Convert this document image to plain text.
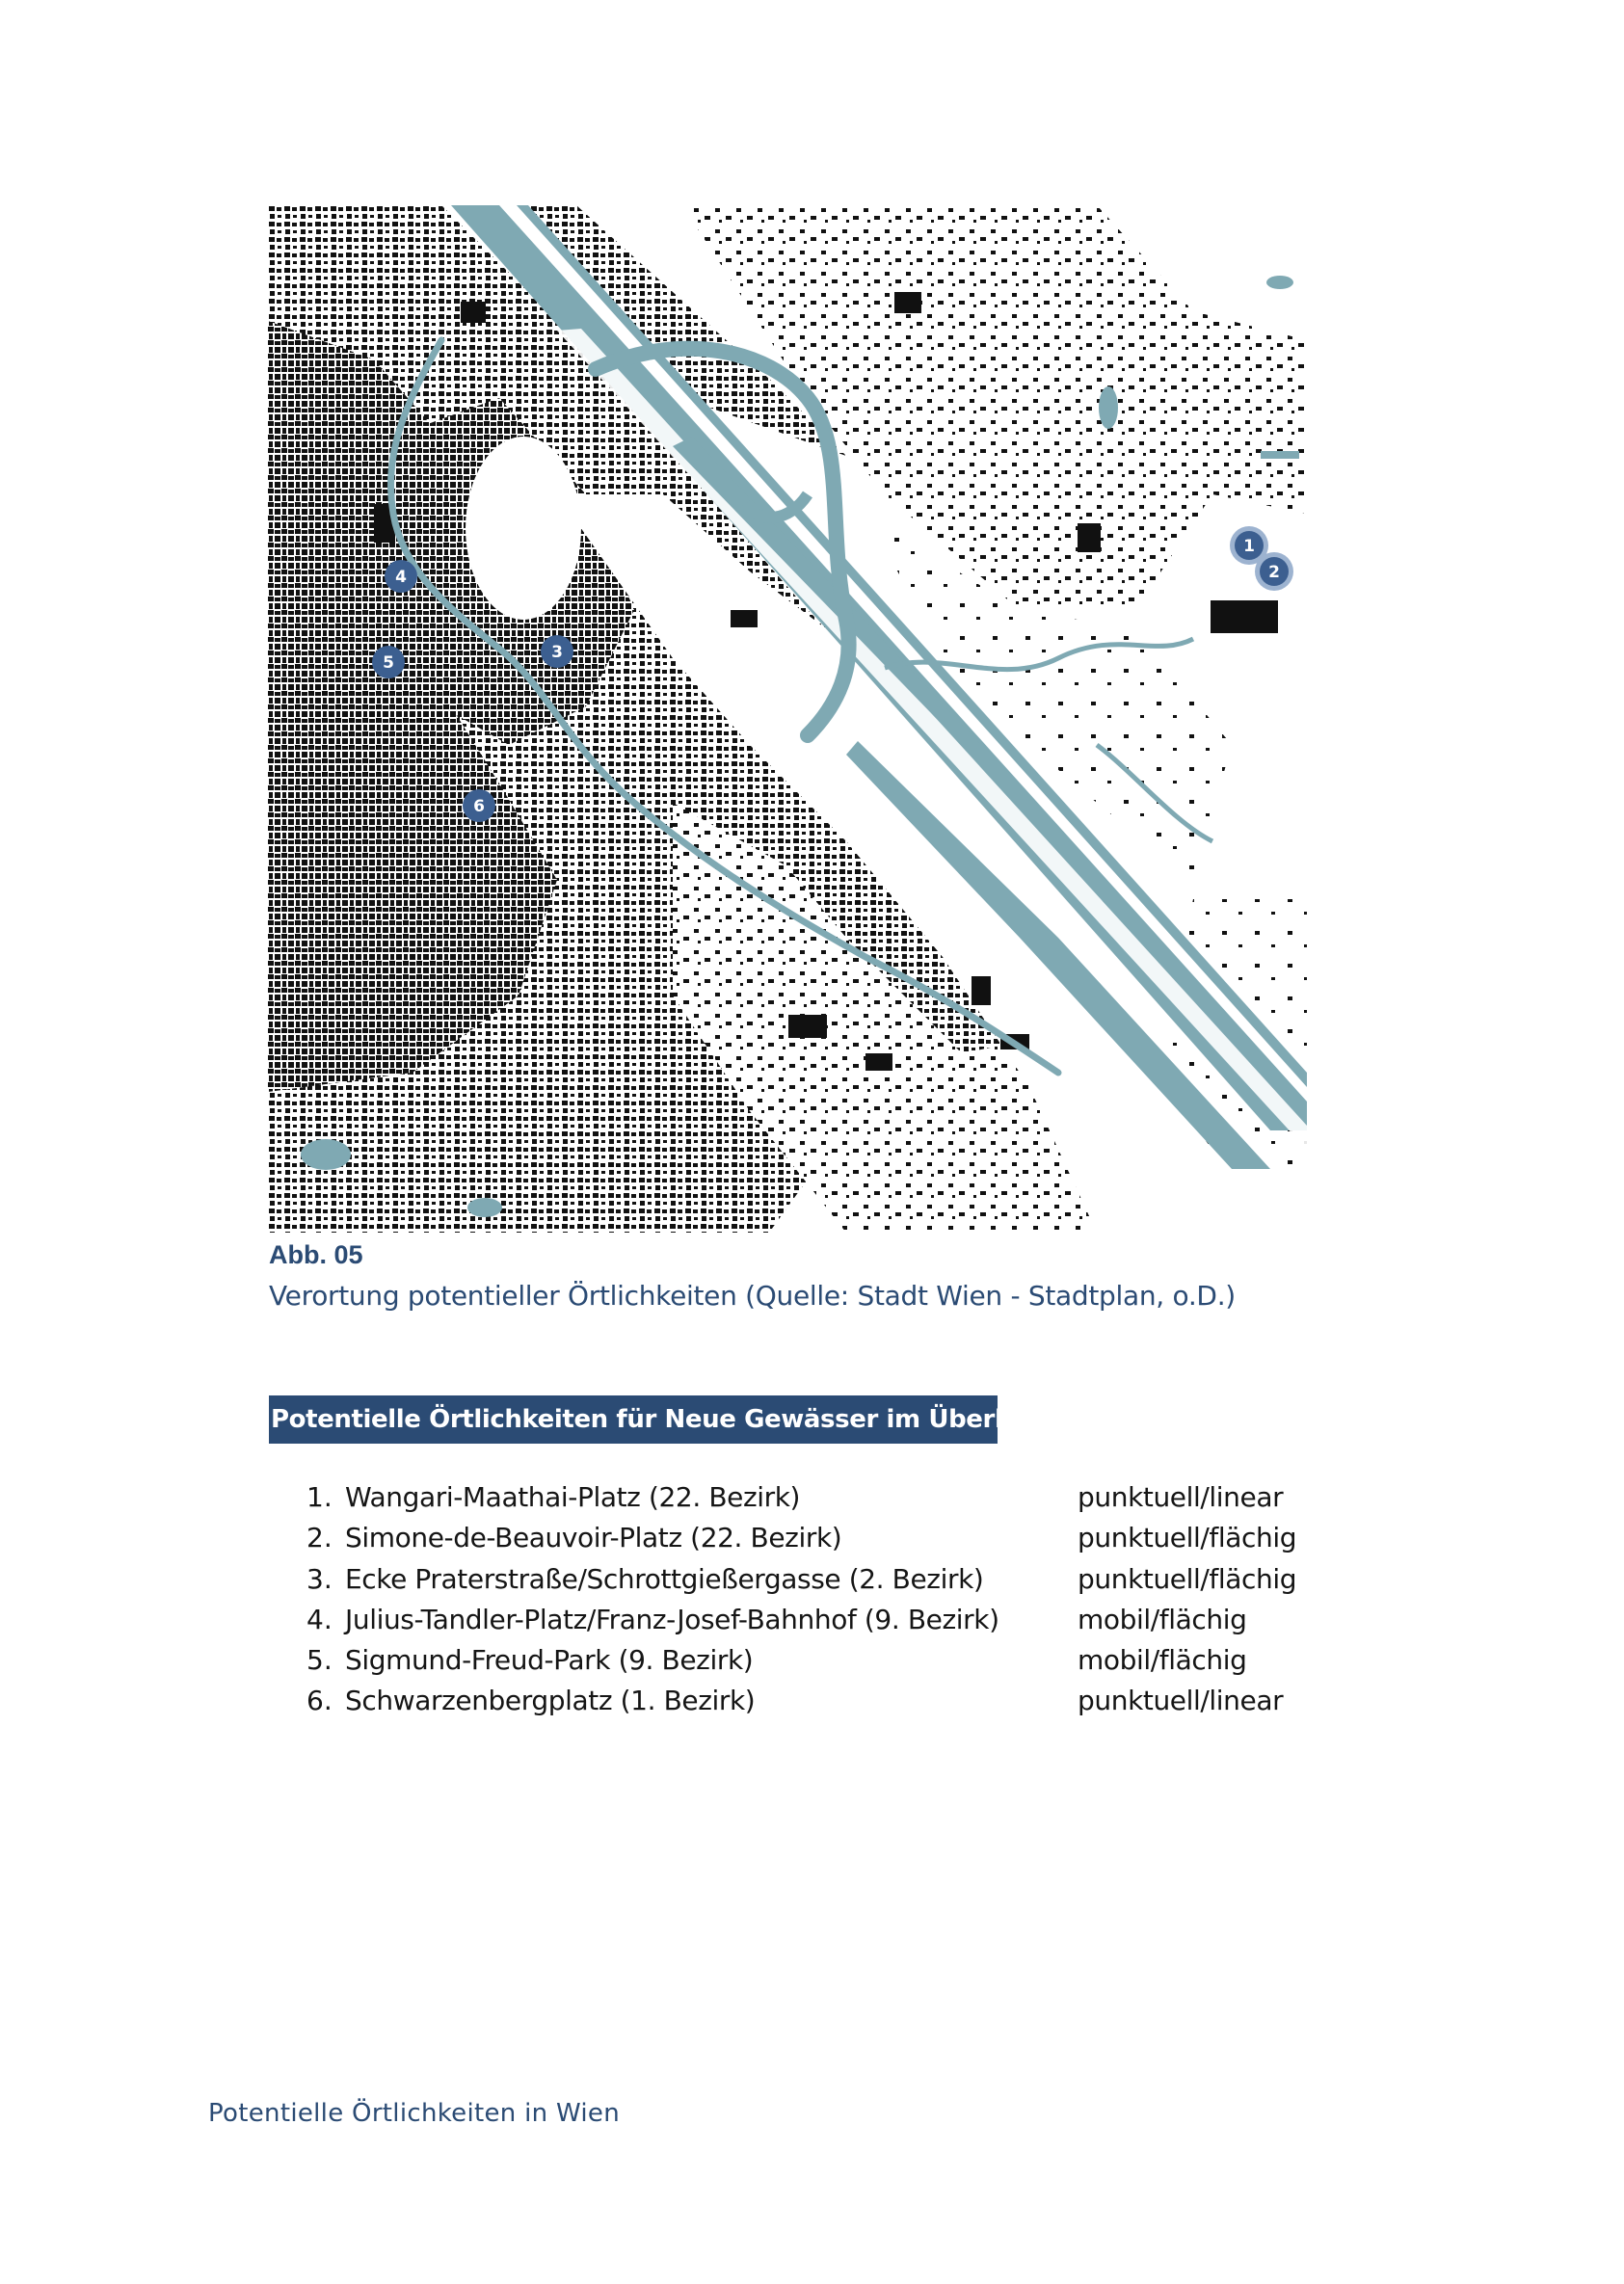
1
2
3
4
5
6
Abb. 05
Verortung potentieller Örtlichkeiten (Quelle: Stadt Wien - Stadtplan, o.D.)
Potentielle Örtlichkeiten für Neue Gewässer im Überblick
1. Wangari-Maathai-Platz (22. Bezirk)	punktuell/linear
2. Simone-de-Beauvoir-Platz (22. Bezirk)	punktuell/flächig
3. Ecke Praterstraße/Schrottgießergasse (2. Bezirk)	punktuell/flächig
4. Julius-Tandler-Platz/Franz-Josef-Bahnhof (9. Bezirk)	mobil/flächig
5. Sigmund-Freud-Park (9. Bezirk)	mobil/flächig
6. Schwarzenbergplatz (1. Bezirk)	punktuell/linear
Potentielle Örtlichkeiten in Wien
